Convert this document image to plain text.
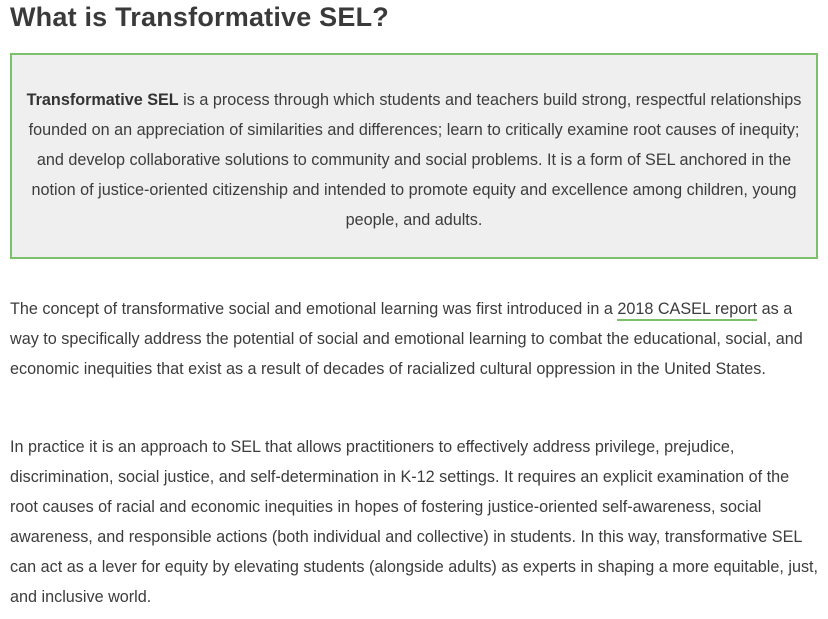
What is Transformative SEL?
Transformative SEL is a process through which students and teachers build strong, respectful relationships founded on an appreciation of similarities and differences; learn to critically examine root causes of inequity; and develop collaborative solutions to community and social problems. It is a form of SEL anchored in the notion of justice-oriented citizenship and intended to promote equity and excellence among children, young people, and adults.

The concept of transformative social and emotional learning was first introduced in a 2018 CASEL report as a way to specifically address the potential of social and emotional learning to combat the educational, social, and economic inequities that exist as a result of decades of racialized cultural oppression in the United States.

In practice it is an approach to SEL that allows practitioners to effectively address privilege, prejudice, discrimination, social justice, and self-determination in K-12 settings. It requires an explicit examination of the root causes of racial and economic inequities in hopes of fostering justice-oriented self-awareness, social awareness, and responsible actions (both individual and collective) in students. In this way, transformative SEL can act as a lever for equity by elevating students (alongside adults) as experts in shaping a more equitable, just, and inclusive world.
